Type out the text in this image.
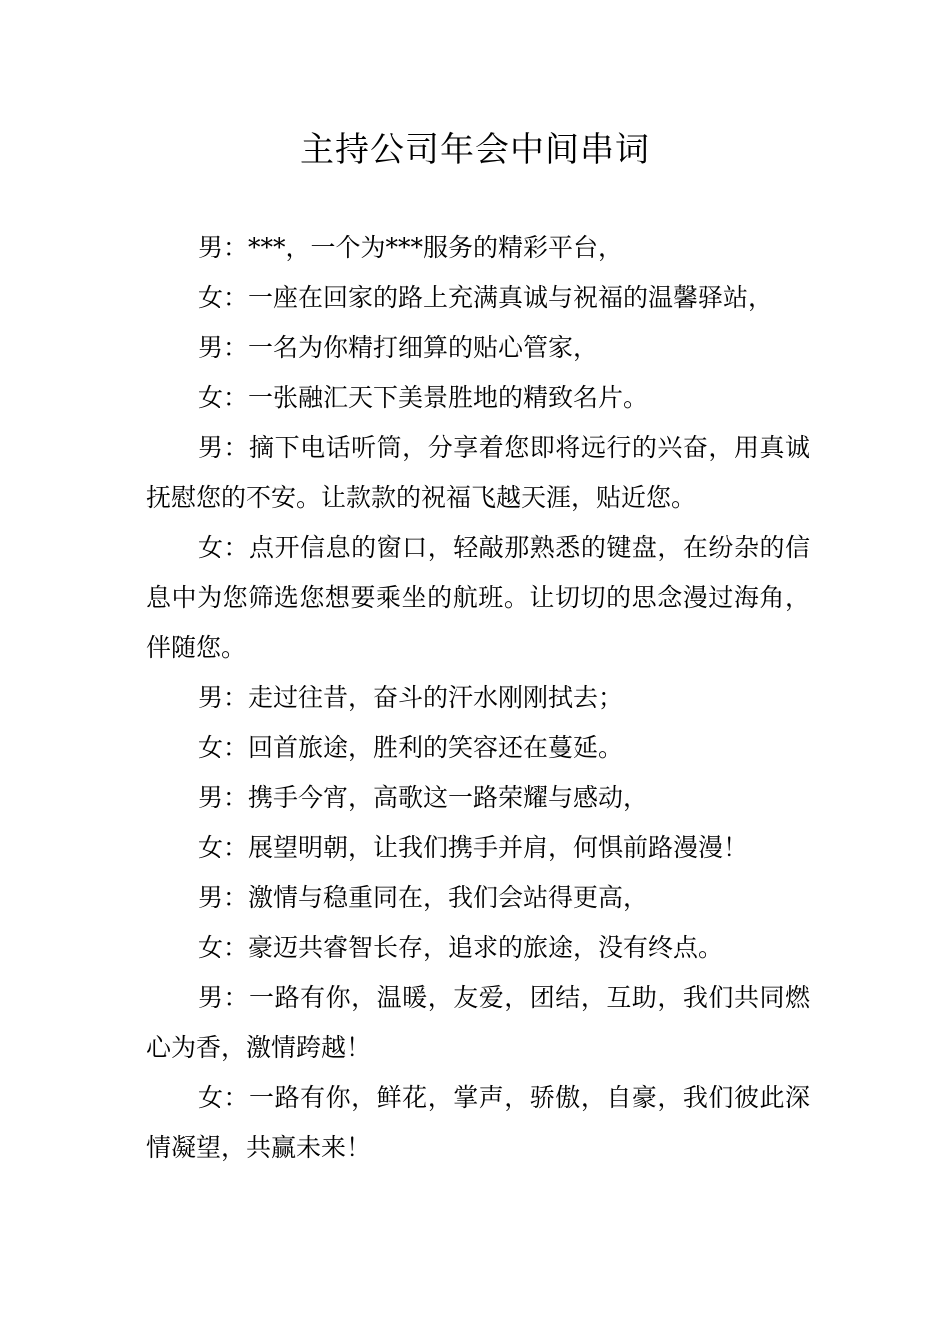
主持公司年会中间串词

男：***，一个为***服务的精彩平台，

女：一座在回家的路上充满真诚与祝福的温馨驿站，

男：一名为你精打细算的贴心管家，

女：一张融汇天下美景胜地的精致名片。

男：摘下电话听筒，分享着您即将远行的兴奋，用真诚抚慰您的不安。让款款的祝福飞越天涯，贴近您。

女：点开信息的窗口，轻敲那熟悉的键盘，在纷杂的信息中为您筛选您想要乘坐的航班。让切切的思念漫过海角，伴随您。

男：走过往昔，奋斗的汗水刚刚拭去；

女：回首旅途，胜利的笑容还在蔓延。

男：携手今宵，高歌这一路荣耀与感动，

女：展望明朝，让我们携手并肩，何惧前路漫漫！

男：激情与稳重同在，我们会站得更高，

女：豪迈共睿智长存，追求的旅途，没有终点。

男：一路有你，温暖，友爱，团结，互助，我们共同燃心为香，激情跨越！

女：一路有你，鲜花，掌声，骄傲，自豪，我们彼此深情凝望，共赢未来！
